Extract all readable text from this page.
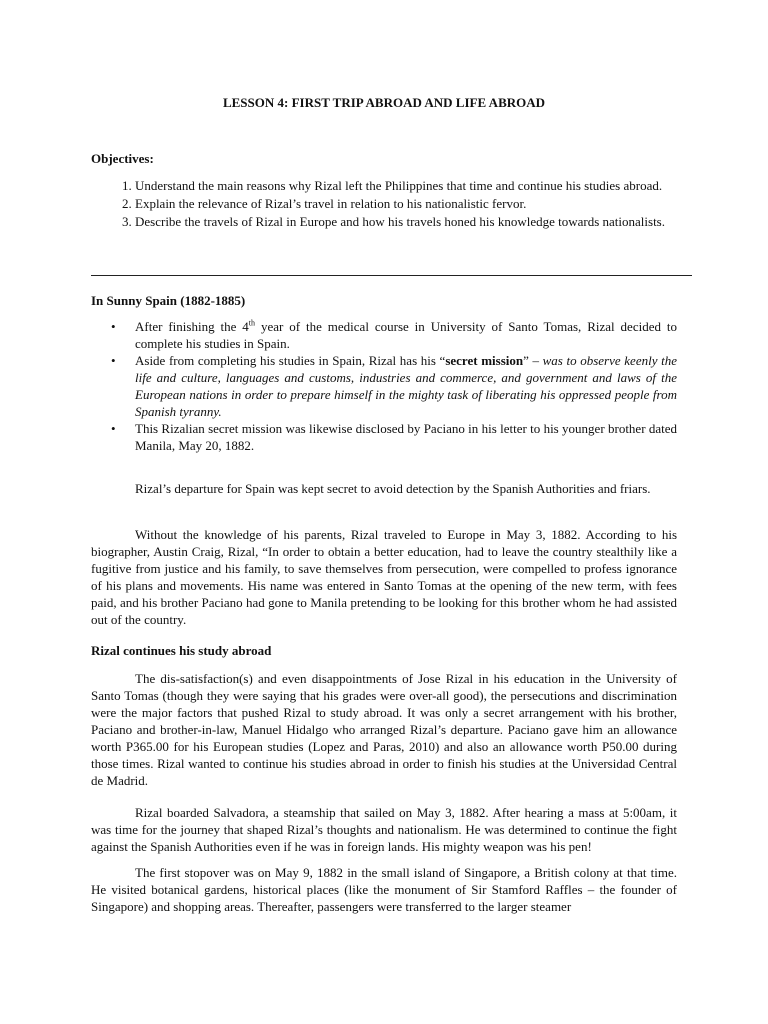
LESSON 4: FIRST TRIP ABROAD AND LIFE ABROAD
Objectives:
1. Understand the main reasons why Rizal left the Philippines that time and continue his studies abroad.
2. Explain the relevance of Rizal’s travel in relation to his nationalistic fervor.
3. Describe the travels of Rizal in Europe and how his travels honed his knowledge towards nationalists.
In Sunny Spain (1882-1885)
• After finishing the 4th year of the medical course in University of Santo Tomas, Rizal decided to complete his studies in Spain.
• Aside from completing his studies in Spain, Rizal has his “secret mission” – was to observe keenly the life and culture, languages and customs, industries and commerce, and government and laws of the European nations in order to prepare himself in the mighty task of liberating his oppressed people from Spanish tyranny.
• This Rizalian secret mission was likewise disclosed by Paciano in his letter to his younger brother dated Manila, May 20, 1882.
Rizal’s departure for Spain was kept secret to avoid detection by the Spanish Authorities and friars.
Without the knowledge of his parents, Rizal traveled to Europe in May 3, 1882. According to his biographer, Austin Craig, Rizal, “In order to obtain a better education, had to leave the country stealthily like a fugitive from justice and his family, to save themselves from persecution, were compelled to profess ignorance of his plans and movements. His name was entered in Santo Tomas at the opening of the new term, with fees paid, and his brother Paciano had gone to Manila pretending to be looking for this brother whom he had assisted out of the country.
Rizal continues his study abroad
The dis-satisfaction(s) and even disappointments of Jose Rizal in his education in the University of Santo Tomas (though they were saying that his grades were over-all good), the persecutions and discrimination were the major factors that pushed Rizal to study abroad. It was only a secret arrangement with his brother, Paciano and brother-in-law, Manuel Hidalgo who arranged Rizal’s departure. Paciano gave him an allowance worth P365.00 for his European studies (Lopez and Paras, 2010) and also an allowance worth P50.00 during those times. Rizal wanted to continue his studies abroad in order to finish his studies at the Universidad Central de Madrid.
Rizal boarded Salvadora, a steamship that sailed on May 3, 1882. After hearing a mass at 5:00am, it was time for the journey that shaped Rizal’s thoughts and nationalism. He was determined to continue the fight against the Spanish Authorities even if he was in foreign lands. His mighty weapon was his pen!
The first stopover was on May 9, 1882 in the small island of Singapore, a British colony at that time. He visited botanical gardens, historical places (like the monument of Sir Stamford Raffles – the founder of Singapore) and shopping areas. Thereafter, passengers were transferred to the larger steamer
